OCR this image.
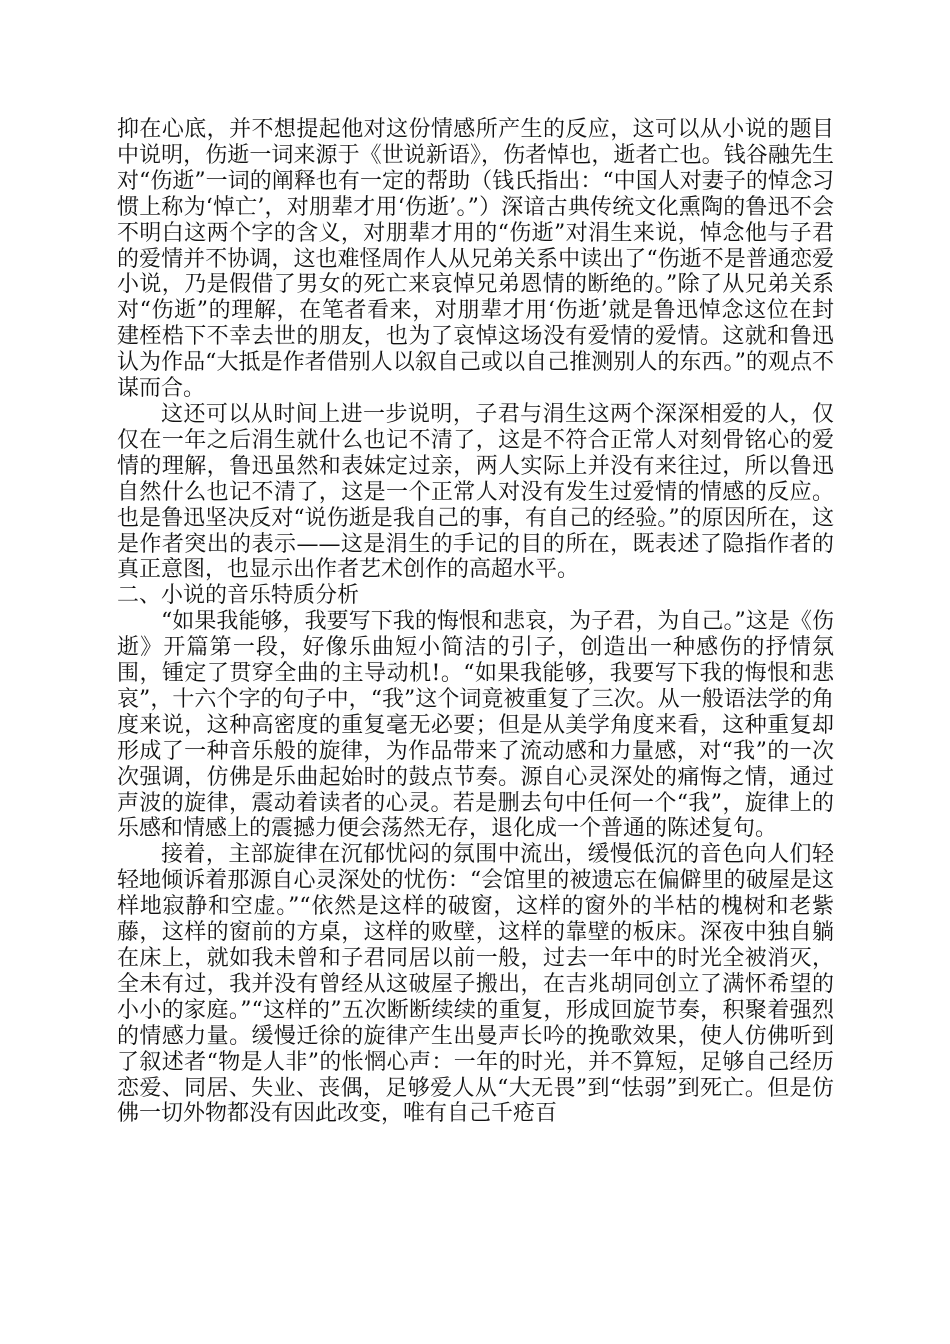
抑在心底，并不想提起他对这份情感所产生的反应，这可以从小说的题目中说明，伤逝一词来源于《世说新语》，伤者悼也，逝者亡也。钱谷融先生对“伤逝”一词的阐释也有一定的帮助（钱氏指出：“中国人对妻子的悼念习惯上称为‘悼亡’，对朋辈才用‘伤逝’。”）深谙古典传统文化熏陶的鲁迅不会不明白这两个字的含义，对朋辈才用的“伤逝”对涓生来说，悼念他与子君的爱情并不协调，这也难怪周作人从兄弟关系中读出了“伤逝不是普通恋爱小说，乃是假借了男女的死亡来哀悼兄弟恩情的断绝的。”除了从兄弟关系对“伤逝”的理解，在笔者看来，对朋辈才用‘伤逝’就是鲁迅悼念这位在封建桎梏下不幸去世的朋友，也为了哀悼这场没有爱情的爱情。这就和鲁迅认为作品“大抵是作者借别人以叙自己或以自己推测别人的东西。”的观点不谋而合。

这还可以从时间上进一步说明，子君与涓生这两个深深相爱的人，仅仅在一年之后涓生就什么也记不清了，这是不符合正常人对刻骨铭心的爱情的理解，鲁迅虽然和表妹定过亲，两人实际上并没有来往过，所以鲁迅自然什么也记不清了，这是一个正常人对没有发生过爱情的情感的反应。也是鲁迅坚决反对“说伤逝是我自己的事，有自己的经验。”的原因所在，这是作者突出的表示——这是涓生的手记的目的所在，既表述了隐指作者的真正意图，也显示出作者艺术创作的高超水平。

二、小说的音乐特质分析

“如果我能够，我要写下我的悔恨和悲哀，为子君，为自己。”这是《伤逝》开篇第一段，好像乐曲短小简洁的引子，创造出一种感伤的抒情氛围，锺定了贯穿全曲的主导动机!。“如果我能够，我要写下我的悔恨和悲哀”，十六个字的句子中，“我”这个词竟被重复了三次。从一般语法学的角度来说，这种高密度的重复毫无必要；但是从美学角度来看，这种重复却形成了一种音乐般的旋律，为作品带来了流动感和力量感，对“我”的一次次强调，仿佛是乐曲起始时的鼓点节奏。源自心灵深处的痛悔之情，通过声波的旋律，震动着读者的心灵。若是删去句中任何一个“我”，旋律上的乐感和情感上的震撼力便会荡然无存，退化成一个普通的陈述复句。

接着，主部旋律在沉郁忧闷的氛围中流出，缓慢低沉的音色向人们轻轻地倾诉着那源自心灵深处的忧伤：“会馆里的被遗忘在偏僻里的破屋是这样地寂静和空虚。”“依然是这样的破窗，这样的窗外的半枯的槐树和老紫藤，这样的窗前的方桌，这样的败壁，这样的靠壁的板床。深夜中独自躺在床上，就如我未曾和子君同居以前一般，过去一年中的时光全被消灭，全未有过，我并没有曾经从这破屋子搬出，在吉兆胡同创立了满怀希望的小小的家庭。”“这样的”五次断断续续的重复，形成回旋节奏，积聚着强烈的情感力量。缓慢迁徐的旋律产生出曼声长吟的挽歌效果，使人仿佛听到了叙述者“物是人非”的怅惘心声：一年的时光，并不算短，足够自己经历恋爱、同居、失业、丧偶，足够爱人从“大无畏”到“怯弱”到死亡。但是仿佛一切外物都没有因此改变，唯有自己千疮百
